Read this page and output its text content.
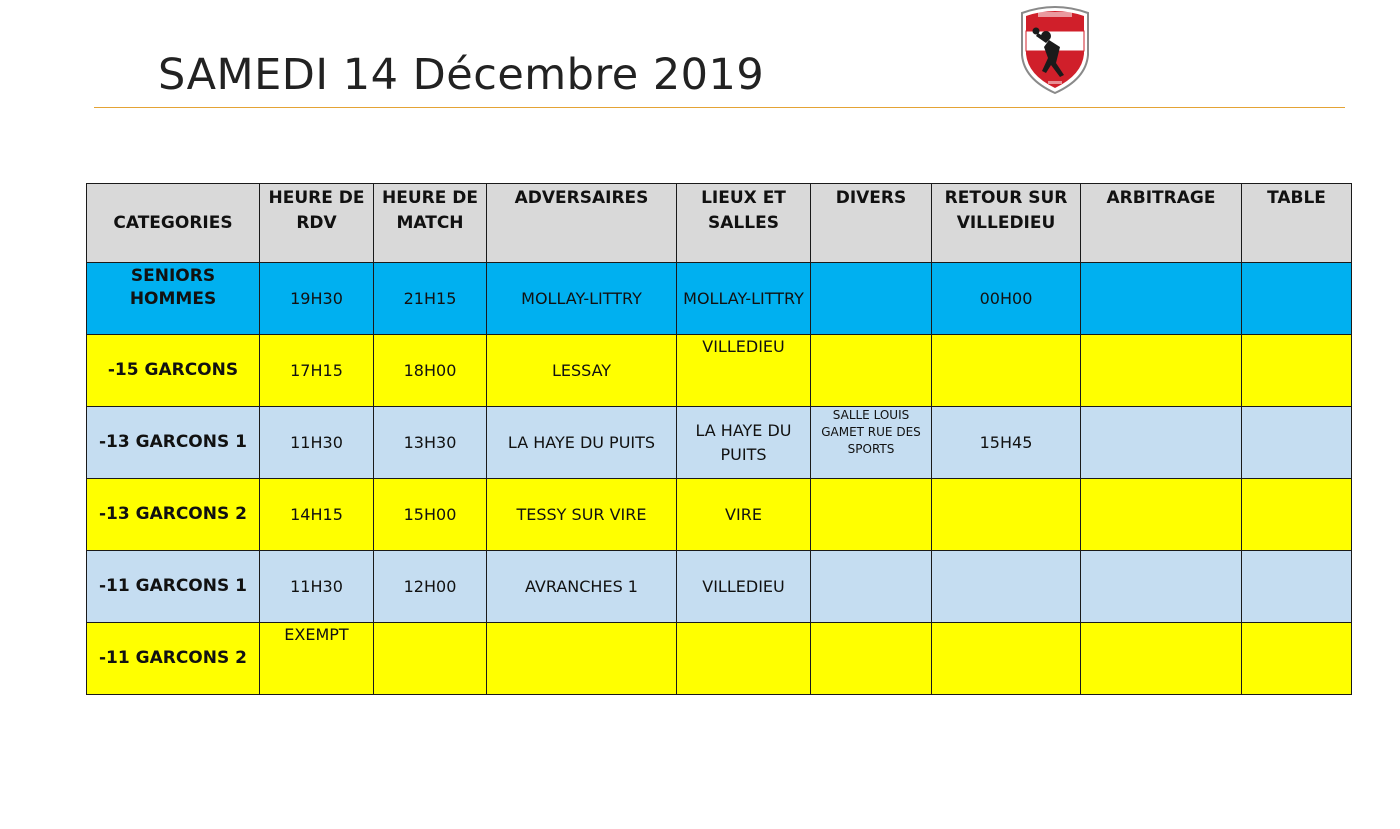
SAMEDI 14 Décembre 2019
CATEGORIES	HEURE DE RDV	HEURE DE MATCH	ADVERSAIRES	LIEUX ET SALLES	DIVERS	RETOUR SUR VILLEDIEU	ARBITRAGE	TABLE
SENIORS HOMMES	19H30	21H15	MOLLAY-LITTRY	MOLLAY-LITTRY		00H00		
-15 GARCONS	17H15	18H00	LESSAY	VILLEDIEU				
-13 GARCONS 1	11H30	13H30	LA HAYE DU PUITS	LA HAYE DU PUITS	SALLE LOUIS GAMET RUE DES SPORTS	15H45		
-13 GARCONS 2	14H15	15H00	TESSY SUR VIRE	VIRE				
-11 GARCONS 1	11H30	12H00	AVRANCHES 1	VILLEDIEU				
-11 GARCONS 2	EXEMPT							
